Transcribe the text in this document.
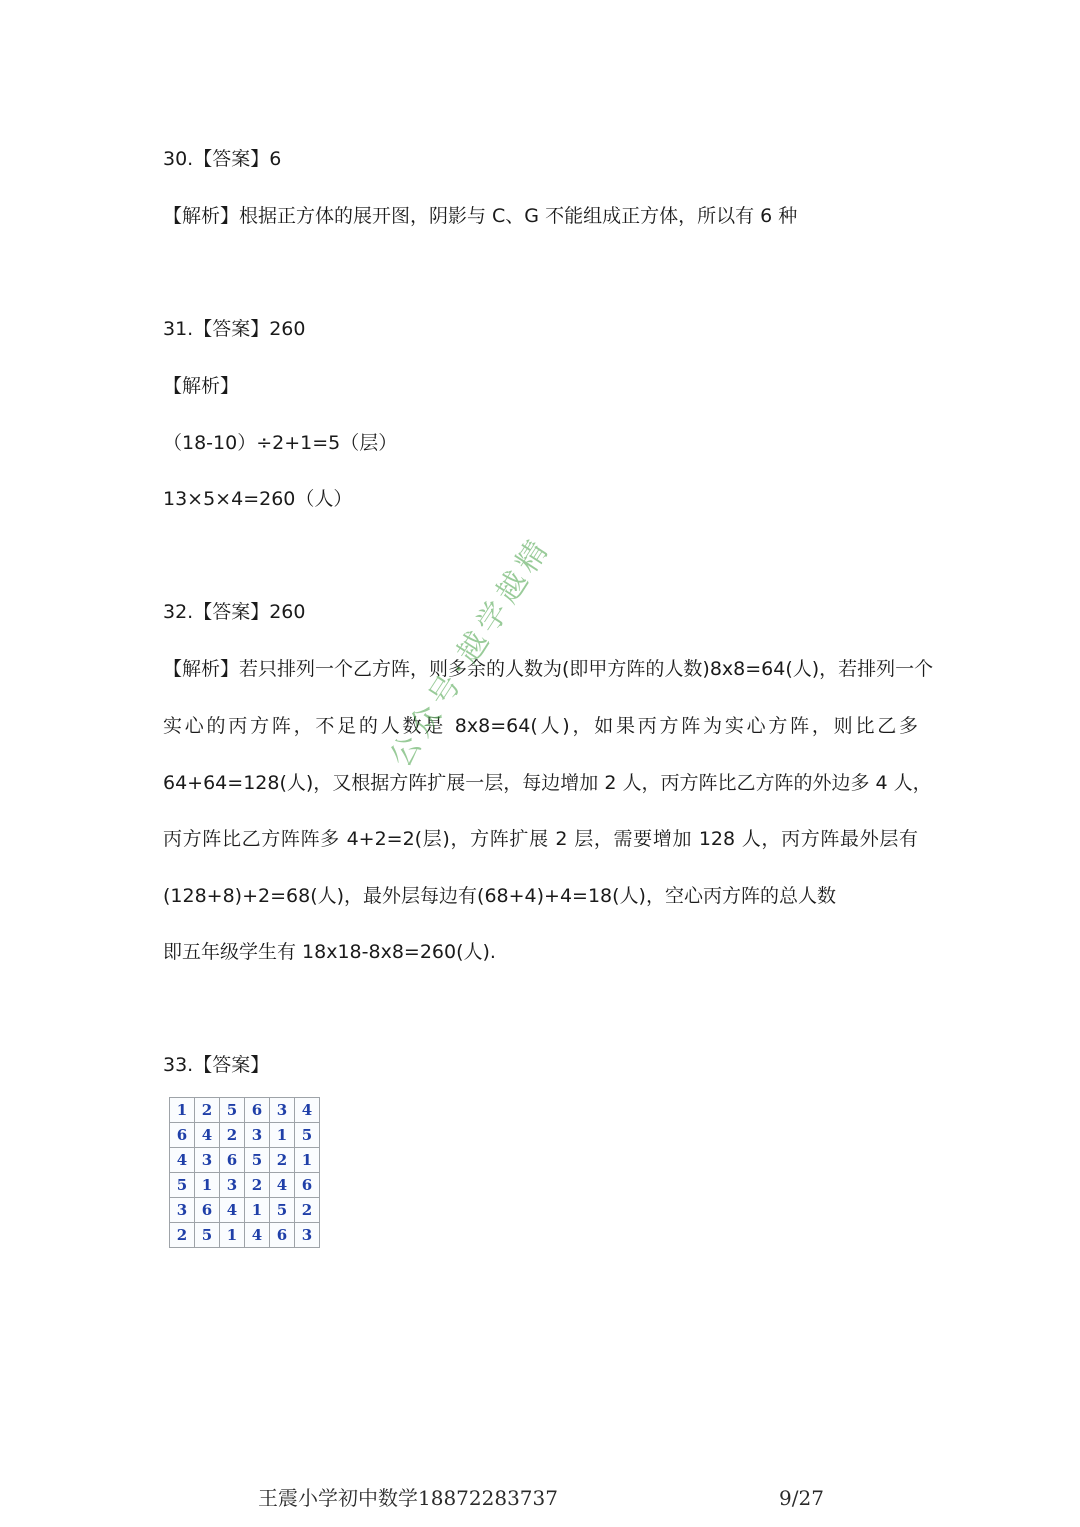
30.【答案】6
【解析】根据正方体的展开图，阴影与 C、G 不能组成正方体，所以有 6 种
31.【答案】260
【解析】
（18-10）÷2+1=5（层）
13×5×4=260（人）
32.【答案】260
【解析】若只排列一个乙方阵，则多余的人数为(即甲方阵的人数)8x8=64(人)，若排列一个
实心的丙方阵，不足的人数是 8x8=64(人)，如果丙方阵为实心方阵，则比乙多
64+64=128(人)，又根据方阵扩展一层，每边增加 2 人，丙方阵比乙方阵的外边多 4 人，
丙方阵比乙方阵阵多 4+2=2(层)，方阵扩展 2 层，需要增加 128 人，丙方阵最外层有
(128+8)+2=68(人)，最外层每边有(68+4)+4=18(人)，空心丙方阵的总人数
即五年级学生有 18x18-8x8=260(人).
33.【答案】
1	2	5	6	3	4
6	4	2	3	1	5
4	3	6	5	2	1
5	1	3	2	4	6
3	6	4	1	5	2
2	5	1	4	6	3
公众号·越学越精
王震小学初中数学18872283737	9/27
